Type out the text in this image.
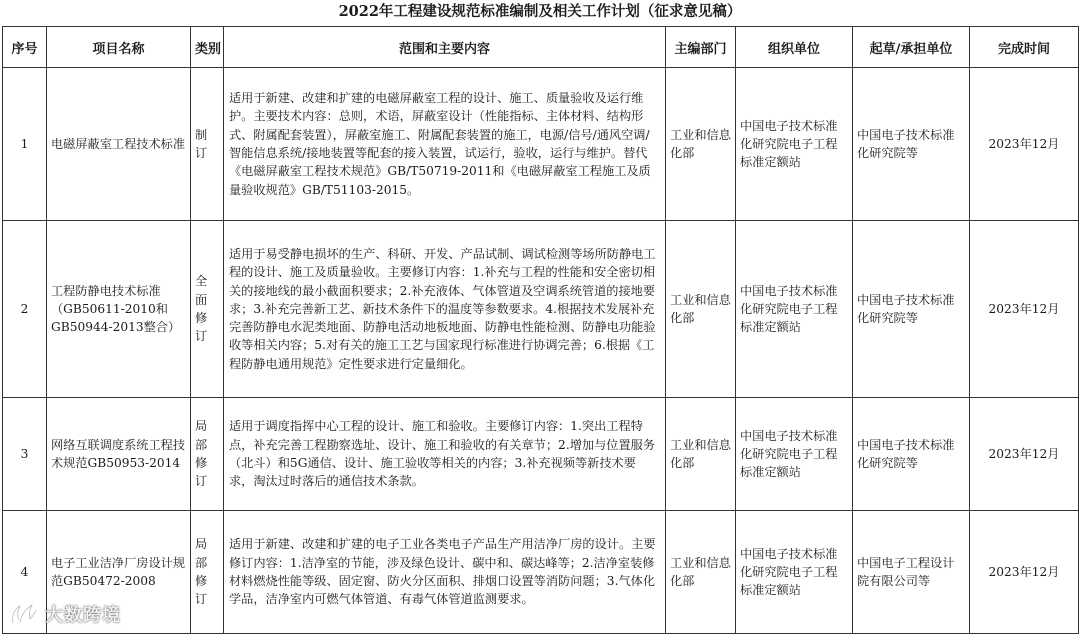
2022年工程建设规范标准编制及相关工作计划（征求意见稿）
序号	项目名称	类别	范围和主要内容	主编部门	组织单位	起草/承担单位	完成时间
1	电磁屏蔽室工程技术标准	制订	适用于新建、改建和扩建的电磁屏蔽室工程的设计、施工、质量验收及运行维护。主要技术内容：总则，术语，屏蔽室设计（性能指标、主体材料、结构形式、附属配套装置），屏蔽室施工、附属配套装置的施工，电源/信号/通风空调/智能信息系统/接地装置等配套的接入装置，试运行，验收，运行与维护。替代《电磁屏蔽室工程技术规范》GB/T50719-2011和《电磁屏蔽室工程施工及质量验收规范》GB/T51103-2015。	工业和信息化部	中国电子技术标准化研究院电子工程标准定额站	中国电子技术标准化研究院等	2023年12月
2	工程防静电技术标准（GB50611-2010和GB50944-2013整合）	全面修订	适用于易受静电损坏的生产、科研、开发、产品试制、调试检测等场所防静电工程的设计、施工及质量验收。主要修订内容：1.补充与工程的性能和安全密切相关的接地线的最小截面积要求；2.补充液体、气体管道及空调系统管道的接地要求；3.补充完善新工艺、新技术条件下的温度等参数要求。4.根据技术发展补充完善防静电水泥类地面、防静电活动地板地面、防静电性能检测、防静电功能验收等相关内容；5.对有关的施工工艺与国家现行标准进行协调完善；6.根据《工程防静电通用规范》定性要求进行定量细化。	工业和信息化部	中国电子技术标准化研究院电子工程标准定额站	中国电子技术标准化研究院等	2023年12月
3	网络互联调度系统工程技术规范GB50953-2014	局部修订	适用于调度指挥中心工程的设计、施工和验收。主要修订内容：1.突出工程特点，补充完善工程勘察选址、设计、施工和验收的有关章节；2.增加与位置服务（北斗）和5G通信、设计、施工验收等相关的内容；3.补充视频等新技术要求，淘汰过时落后的通信技术条款。	工业和信息化部	中国电子技术标准化研究院电子工程标准定额站	中国电子技术标准化研究院等	2023年12月
4	电子工业洁净厂房设计规范GB50472-2008	局部修订	适用于新建、改建和扩建的电子工业各类电子产品生产用洁净厂房的设计。主要修订内容：1.洁净室的节能，涉及绿色设计、碳中和、碳达峰等；2.洁净室装修材料燃烧性能等级、固定窗、防火分区面积、排烟口设置等消防问题；3.气体化学品，洁净室内可燃气体管道、有毒气体管道监测要求。	工业和信息化部	中国电子技术标准化研究院电子工程标准定额站	中国电子工程设计院有限公司等	2023年12月
大数跨境
